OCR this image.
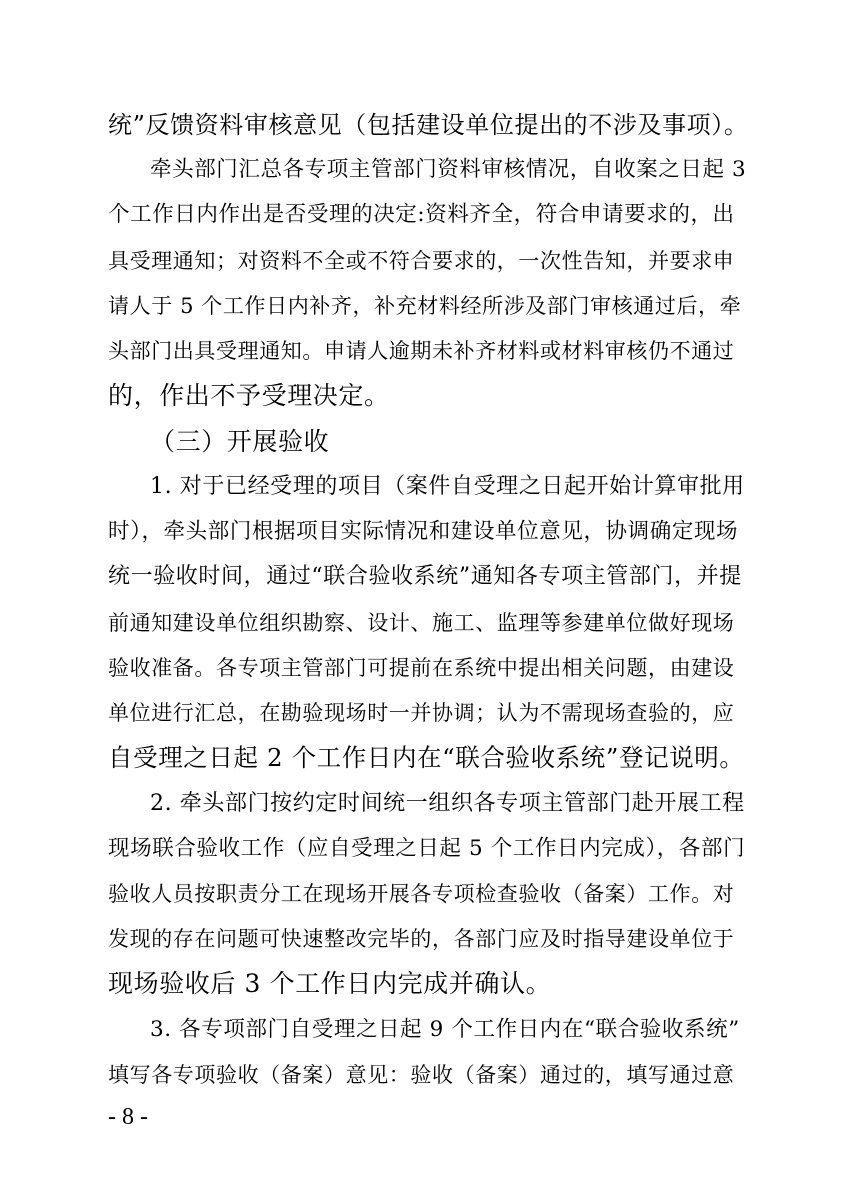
统”反馈资料审核意见（包括建设单位提出的不涉及事项）。
牵头部门汇总各专项主管部门资料审核情况，自收案之日起 3
个工作日内作出是否受理的决定:资料齐全，符合申请要求的，出
具受理通知；对资料不全或不符合要求的，一次性告知，并要求申
请人于 5 个工作日内补齐，补充材料经所涉及部门审核通过后，牵
头部门出具受理通知。申请人逾期未补齐材料或材料审核仍不通过
的，作出不予受理决定。
（三）开展验收
1. 对于已经受理的项目（案件自受理之日起开始计算审批用
时），牵头部门根据项目实际情况和建设单位意见，协调确定现场
统一验收时间，通过“联合验收系统”通知各专项主管部门，并提
前通知建设单位组织勘察、设计、施工、监理等参建单位做好现场
验收准备。各专项主管部门可提前在系统中提出相关问题，由建设
单位进行汇总，在勘验现场时一并协调；认为不需现场查验的，应
自受理之日起 2 个工作日内在“联合验收系统”登记说明。
2. 牵头部门按约定时间统一组织各专项主管部门赴开展工程
现场联合验收工作（应自受理之日起 5 个工作日内完成），各部门
验收人员按职责分工在现场开展各专项检查验收（备案）工作。对
发现的存在问题可快速整改完毕的，各部门应及时指导建设单位于
现场验收后 3 个工作日内完成并确认。
3. 各专项部门自受理之日起 9 个工作日内在“联合验收系统”
填写各专项验收（备案）意见：验收（备案）通过的，填写通过意
- 8 -
